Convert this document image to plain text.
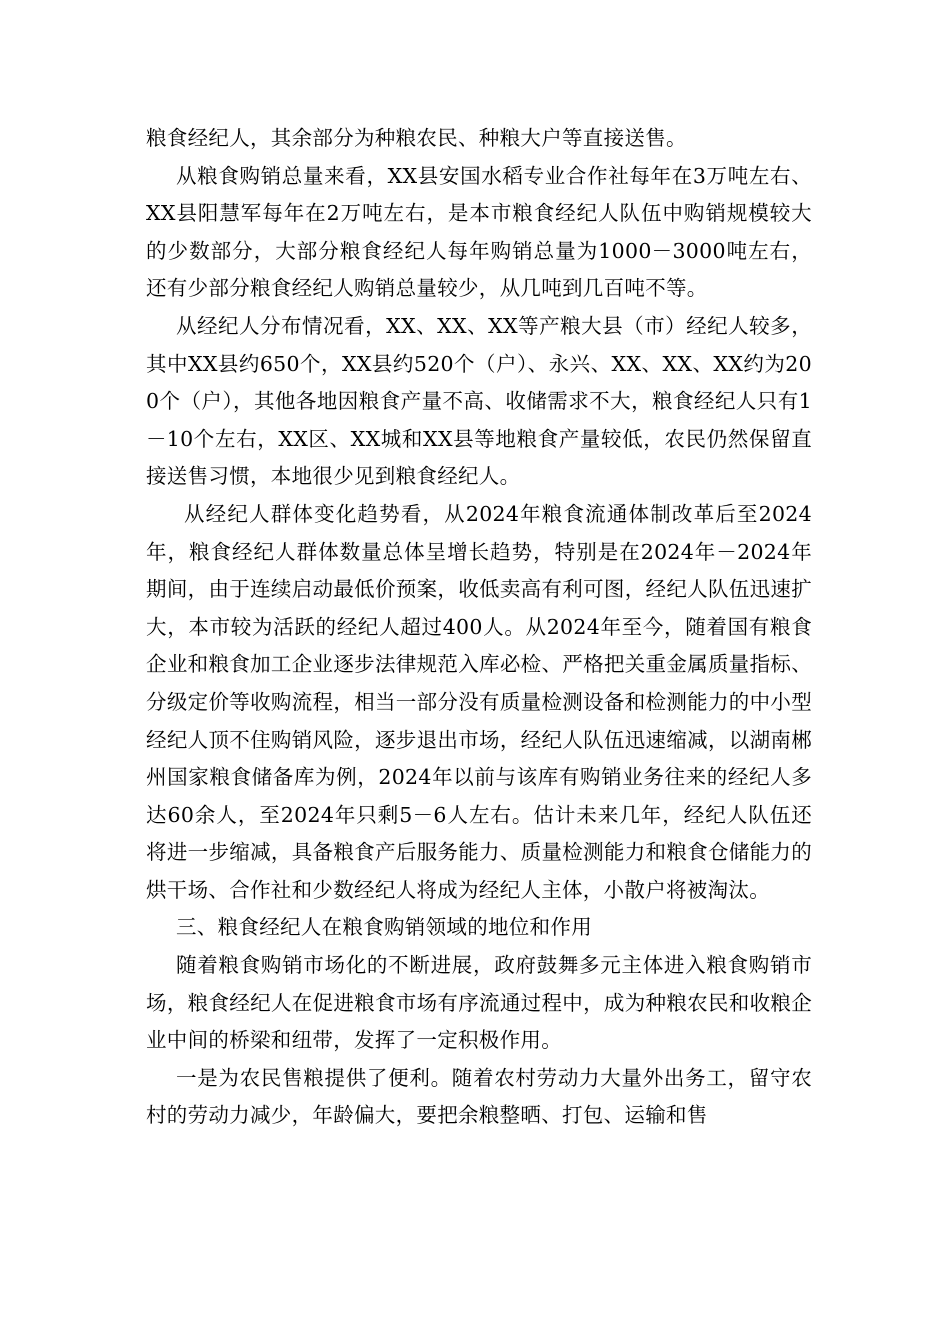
粮食经纪人，其余部分为种粮农民、种粮大户等直接送售。

从粮食购销总量来看，XX县安国水稻专业合作社每年在3万吨左右、XX县阳慧军每年在2万吨左右，是本市粮食经纪人队伍中购销规模较大的少数部分，大部分粮食经纪人每年购销总量为1000－3000吨左右，还有少部分粮食经纪人购销总量较少，从几吨到几百吨不等。

从经纪人分布情况看，XX、XX、XX等产粮大县（市）经纪人较多，其中XX县约650个，XX县约520个（户）、永兴、XX、XX、XX约为200个（户），其他各地因粮食产量不高、收储需求不大，粮食经纪人只有1－10个左右，XX区、XX城和XX县等地粮食产量较低，农民仍然保留直接送售习惯，本地很少见到粮食经纪人。

从经纪人群体变化趋势看，从2024年粮食流通体制改革后至2024年，粮食经纪人群体数量总体呈增长趋势，特别是在2024年－2024年期间，由于连续启动最低价预案，收低卖高有利可图，经纪人队伍迅速扩大，本市较为活跃的经纪人超过400人。从2024年至今，随着国有粮食企业和粮食加工企业逐步法律规范入库必检、严格把关重金属质量指标、分级定价等收购流程，相当一部分没有质量检测设备和检测能力的中小型经纪人顶不住购销风险，逐步退出市场，经纪人队伍迅速缩减，以湖南郴州国家粮食储备库为例，2024年以前与该库有购销业务往来的经纪人多达60余人，至2024年只剩5－6人左右。估计未来几年，经纪人队伍还将进一步缩减，具备粮食产后服务能力、质量检测能力和粮食仓储能力的烘干场、合作社和少数经纪人将成为经纪人主体，小散户将被淘汰。

三、粮食经纪人在粮食购销领域的地位和作用

随着粮食购销市场化的不断进展，政府鼓舞多元主体进入粮食购销市场，粮食经纪人在促进粮食市场有序流通过程中，成为种粮农民和收粮企业中间的桥梁和纽带，发挥了一定积极作用。

一是为农民售粮提供了便利。随着农村劳动力大量外出务工，留守农村的劳动力减少，年龄偏大，要把余粮整晒、打包、运输和售
